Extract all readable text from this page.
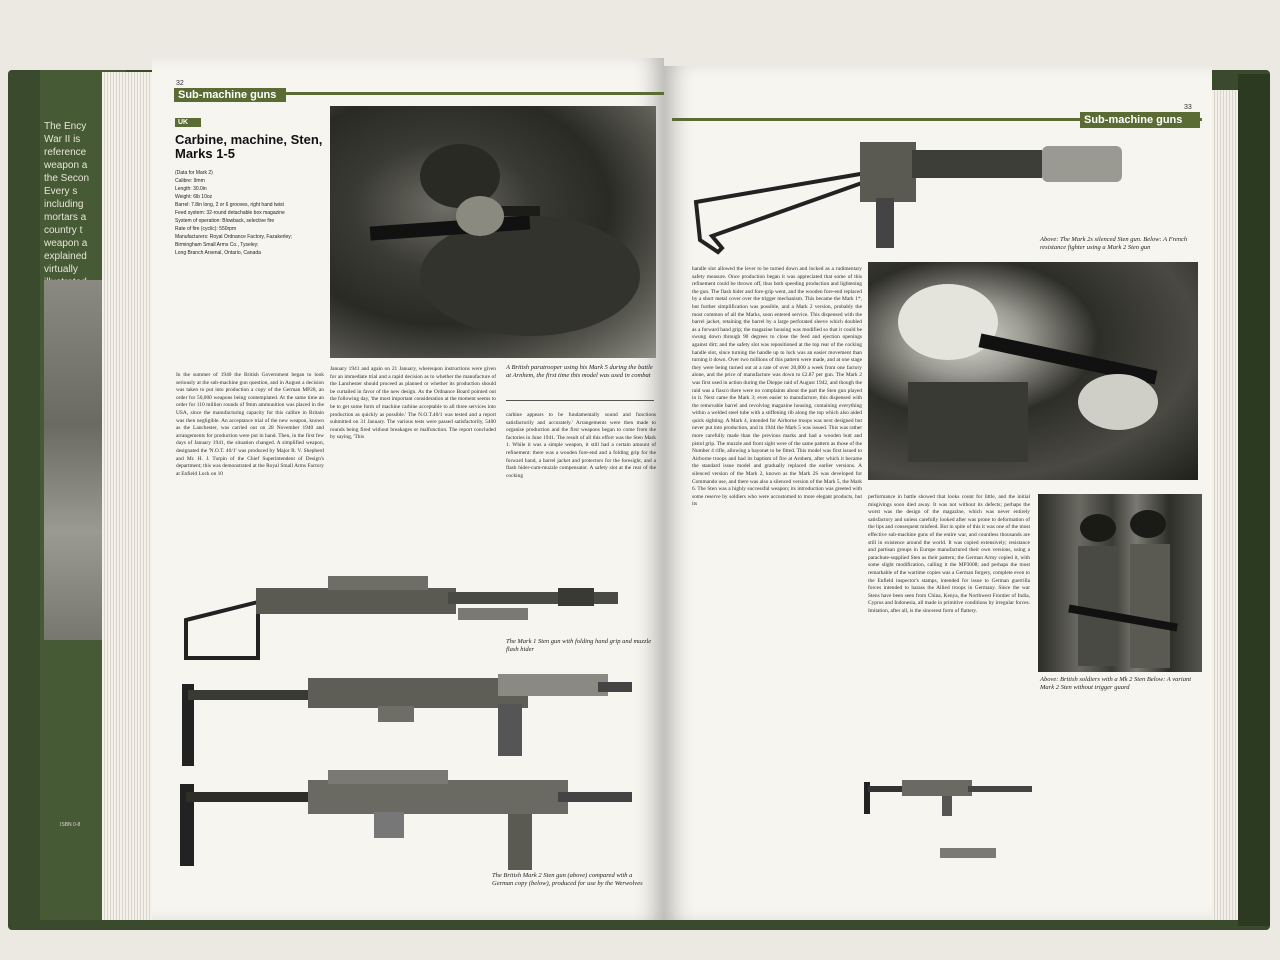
The Ency
War II is
reference
weapon a
the Secon
Every s
including
mortars a
country t
weapon a
explained
virtually
ISBN 0-8
32
Sub-machine guns
UK
Carbine, machine, Sten, Marks 1-5
(Data for Mark 2)
Calibre: 9mm
Length: 30.0in
Weight: 6lb 10oz
Barrel: 7.8in long, 2 or 6 grooves, right hand twist
Feed system: 32-round detachable box magazine
System of operation: Blowback, selective fire
Rate of fire (cyclic): 550rpm
Manufacturers: Royal Ordnance Factory, Fazakerley;
Birmingham Small Arms Co., Tyseley;
Long Branch Arsenal, Ontario, Canada

In the summer of 1940 the British Government began to look seriously at the sub-machine gun question, and in August a decision was taken to put into production a copy of the German MP28, an order for 50,000 weapons being contemplated. At the same time an order for 110 million rounds of 9mm ammunition was placed in the USA, since the manufacturing capacity for this calibre in Britain was then negligible. An acceptance trial of the new weapon, known as the Lanchester, was carried out on 28 November 1940 and arrangements for production were put in hand. Then, in the first few days of January 1941, the situation changed. A simplified weapon, designated the 'N.O.T. 40/1' was produced by Major R. V. Shepherd and Mr. H. J. Turpin of the Chief Superintendent of Design's department; this was demonstrated at the Royal Small Arms Factory at Enfield Lock on 10

January 1941 and again on 21 January, whereupon instructions were given for an immediate trial and a rapid decision as to whether the manufacture of the Lanchester should proceed as planned or whether its production should be curtailed in favor of the new design. As the Ordnance Board pointed out the following day, 'the most important consideration at the moment seems to be to get some form of machine carbine acceptable to all three services into production as quickly as possible.' The N.O.T.40/1 was tested and a report submitted on 31 January. The various tests were passed satisfactorily, 5400 rounds being fired without breakages or malfunction. The report concluded by saying, 'This

A British paratrooper using his Mark 5 during the battle at Arnhem, the first time this model was used in combat

carbine appears to be fundamentally sound and functions satisfactorily and accurately.' Arrangements were then made to organise production and the first weapons began to come from the factories in June 1941. The result of all this effort was the Sten Mark 1. While it was a simple weapon, it still had a certain amount of refinement: there was a wooden fore-end and a folding grip for the forward hand, a barrel jacket and protectors for the foresight, and a flash hider-cum-muzzle compensator. A safety slot at the rear of the cocking

The Mark 1 Sten gun with folding hand grip and muzzle flash hider
The British Mark 2 Sten gun (above) compared with a German copy (below), produced for use by the Werwolves
Sub-machine guns
33
Above: The Mark 2s silenced Sten gun. Below: A French resistance fighter using a Mark 2 Sten gun

handle slot allowed the lever to be turned down and locked as a rudimentary safety measure. Once production began it was appreciated that some of this refinement could be thrown off, thus both speeding production and lightening the gun. The flash hider and fore-grip went, and the wooden fore-end replaced by a short metal cover over the trigger mechanism. This became the Mark 1*, but further simplification was possible, and a Mark 2 version, probably the most common of all the Marks, soon entered service. This dispensed with the barrel jacket, retaining the barrel by a large perforated sleeve which doubled as a forward hand grip; the magazine housing was modified so that it could be swung down through 90 degrees to close the feed and ejection openings against dirt; and the safety slot was repositioned at the top rear of the cocking handle slot, since turning the handle up to lock was an easier movement than turning it down. Over two millions of this pattern were made, and at one stage they were being turned out at a rate of over 20,000 a week from one factory alone, and the price of manufacture was down to £2.87 per gun. The Mark 2 was first used in action during the Dieppe raid of August 1942, and though the raid was a fiasco there were no complaints about the part the Sten gun played in it. Next came the Mark 3; even easier to manufacture, this dispensed with the removable barrel and revolving magazine housing, containing everything within a welded steel tube with a stiffening rib along the top which also aided quick sighting. A Mark 4, intended for Airborne troops was next designed but never put into production, and in 1944 the Mark 5 was issued. This was rather more carefully made than the previous marks and had a wooden butt and pistol grip. The muzzle and front sight were of the same pattern as those of the Number 4 rifle, allowing a bayonet to be fitted. This model was first issued to Airborne troops and had its baptism of fire at Arnhem, after which it became the standard issue model and gradually replaced the earlier versions. A silenced version of the Mark 2, known as the Mark 2S was developed for Commando use, and there was also a silenced version of the Mark 5, the Mark 6. The Sten was a highly successful weapon; its introduction was greeted with some reserve by soldiers who were accustomed to more elegant products, but its

performance in battle showed that looks count for little, and the initial misgivings soon died away. It was not without its defects; perhaps the worst was the design of the magazine, which was never entirely satisfactory and unless carefully looked after was prone to deformation of the lips and consequent misfeed. But in spite of this it was one of the most effective sub-machine guns of the entire war, and countless thousands are still in existence around the world. It was copied extensively; resistance and partisan groups in Europe manufactured their own versions, using a parachute-supplied Sten as their pattern; the German Army copied it, with some slight modification, calling it the MP3008; and perhaps the most remarkable of the wartime copies was a German forgery, complete even to the Enfield inspector's stamps, intended for issue to German guerrilla forces intended to harass the Allied troops in Germany. Since the war Stens have been seen from China, Kenya, the Northwest Frontier of India, Cyprus and Indonesia, all made in primitive conditions by irregular forces. Imitation, after all, is the sincerest form of flattery.

Above: British soldiers with a Mk 2 Sten Below: A variant Mark 2 Sten without trigger guard
